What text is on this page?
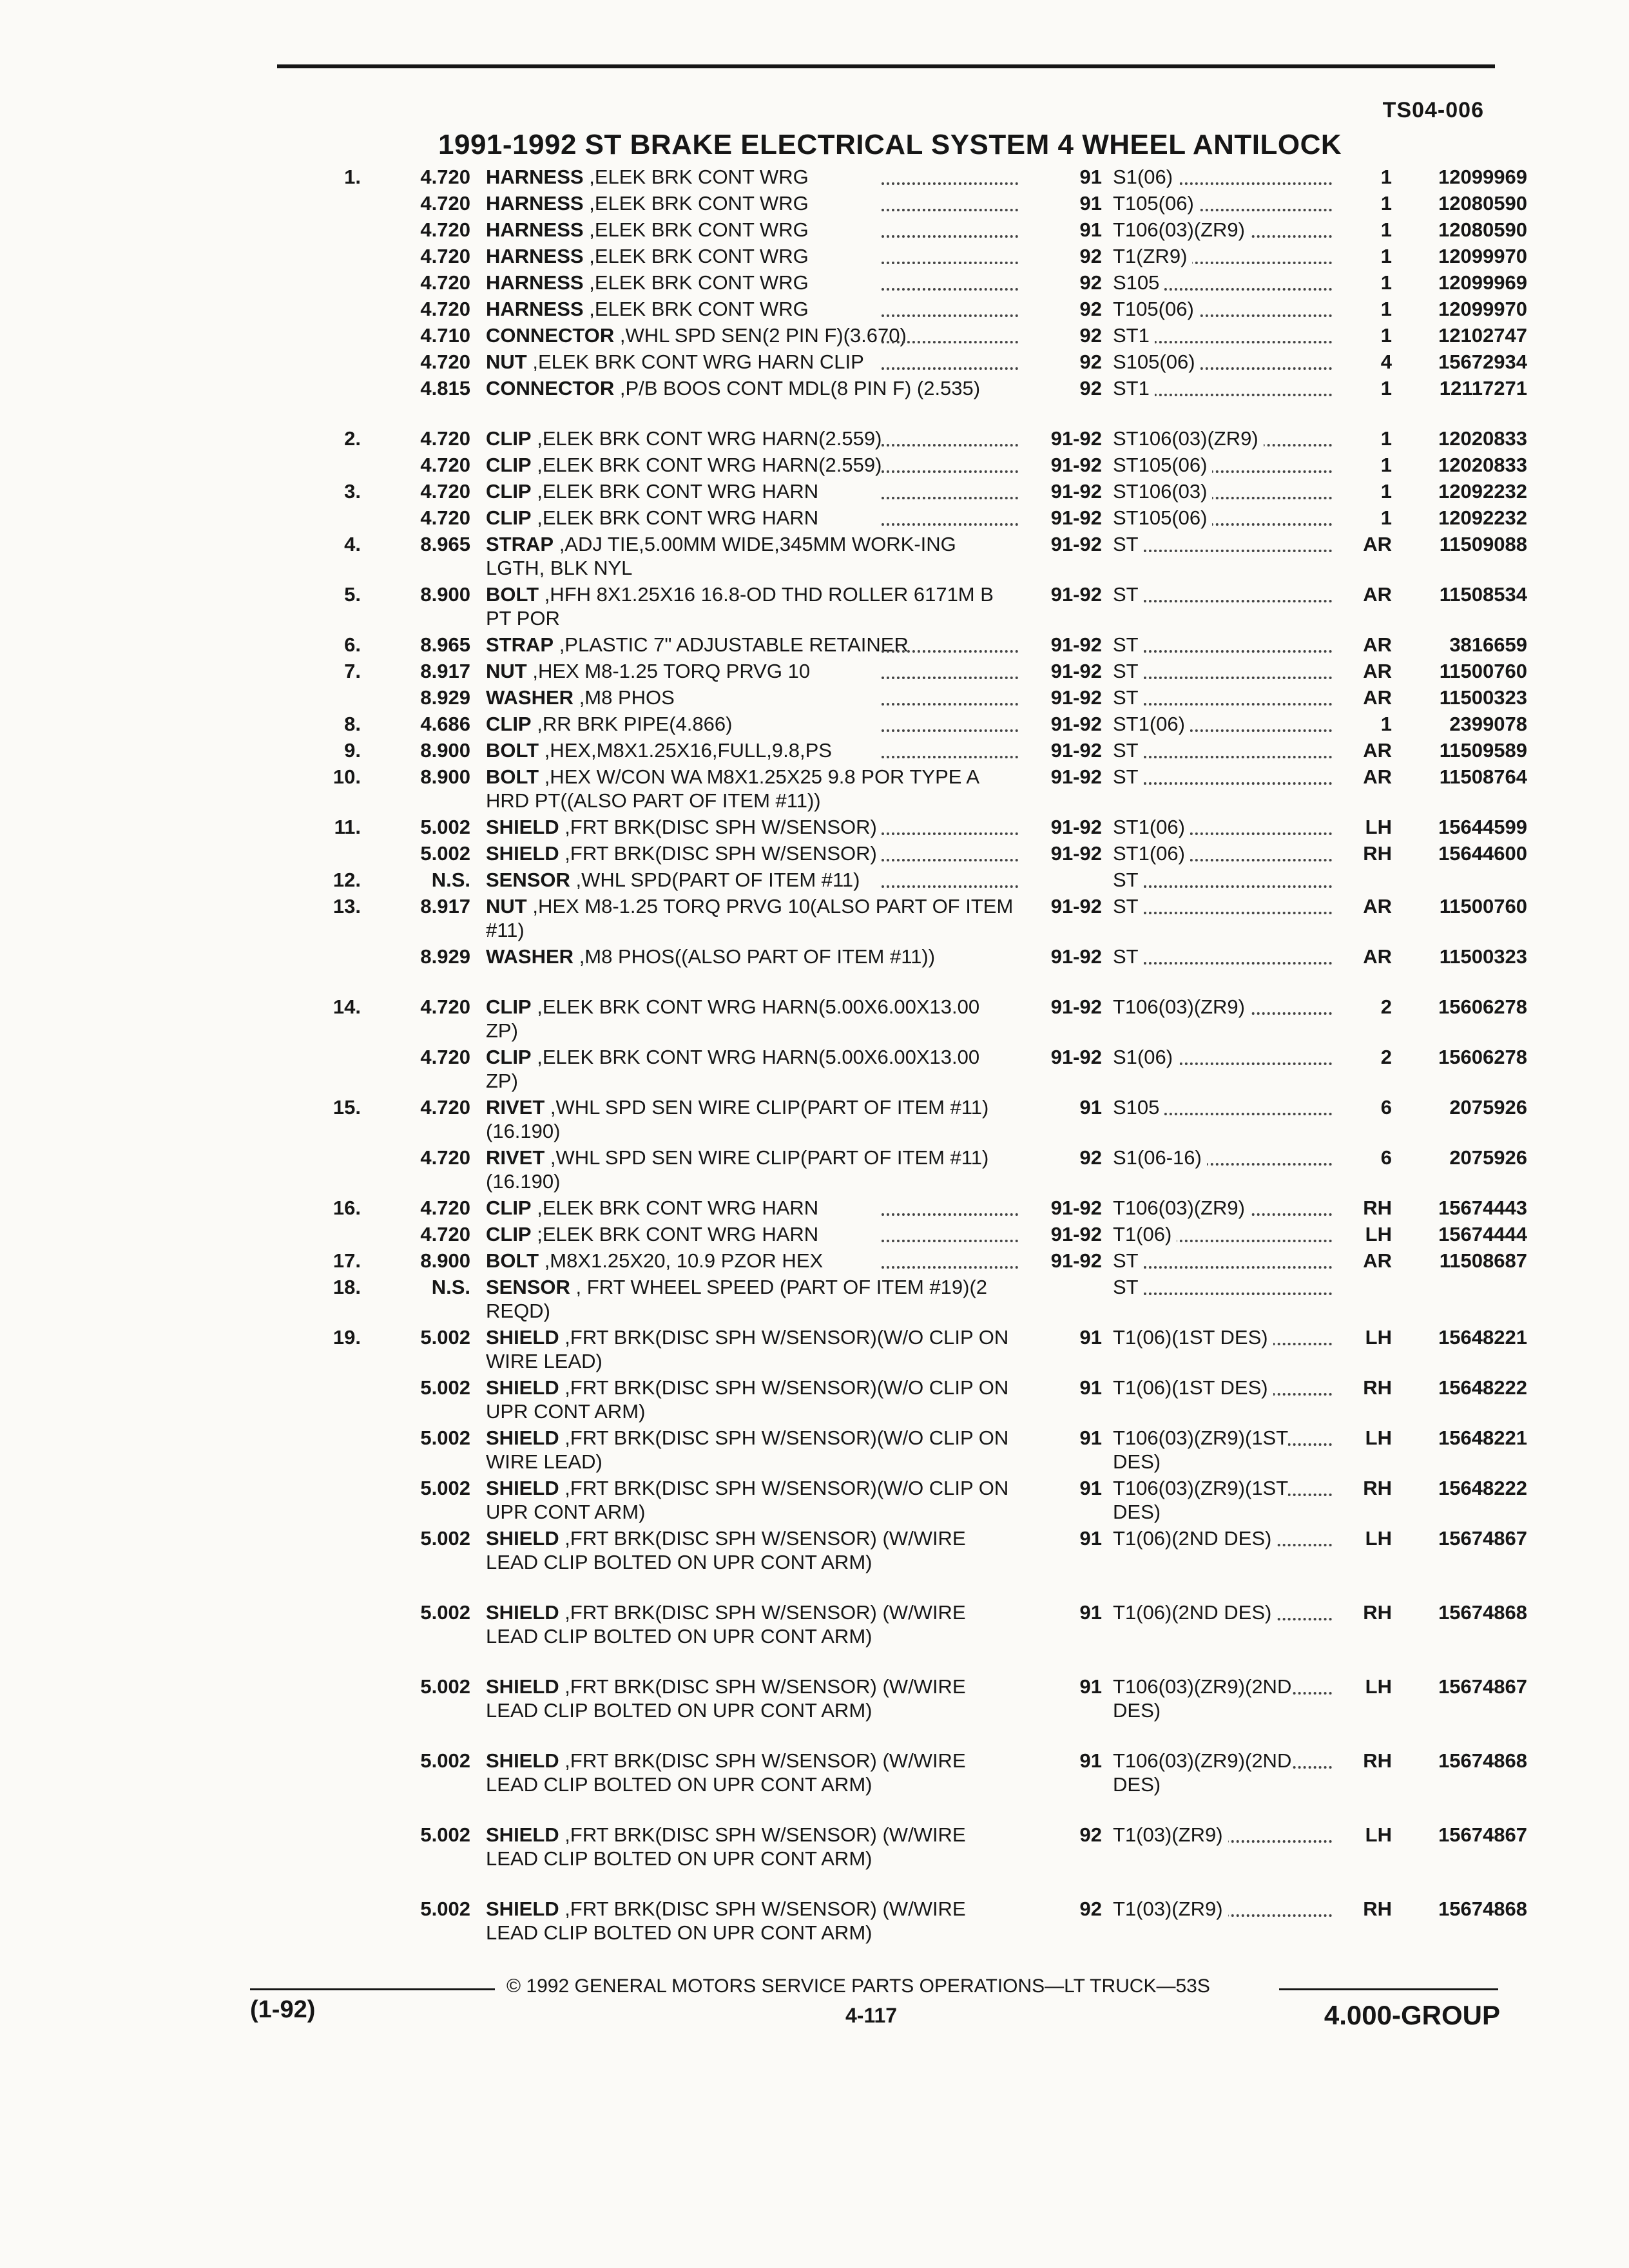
TS04-006
1991-1992 ST BRAKE ELECTRICAL SYSTEM 4 WHEEL ANTILOCK
1.	4.720 HARNESS ,ELEK BRK CONT WRG	91 S1(06)	1	12099969
4.720 HARNESS ,ELEK BRK CONT WRG	91 T105(06)	1	12080590
4.720 HARNESS ,ELEK BRK CONT WRG	91 T106(03)(ZR9)	1	12080590
4.720 HARNESS ,ELEK BRK CONT WRG	92 T1(ZR9)	1	12099970
4.720 HARNESS ,ELEK BRK CONT WRG	92 S105	1	12099969
4.720 HARNESS ,ELEK BRK CONT WRG	92 T105(06)	1	12099970
4.710 CONNECTOR ,WHL SPD SEN(2 PIN F)(3.670)	92 ST1	1	12102747
4.720 NUT ,ELEK BRK CONT WRG HARN CLIP	92 S105(06)	4	15672934
4.815 CONNECTOR ,P/B BOOS CONT MDL(8 PIN F) (2.535)	92 ST1	1	12117271
2.	4.720 CLIP ,ELEK BRK CONT WRG HARN(2.559)	91-92 ST106(03)(ZR9)	1	12020833
4.720 CLIP ,ELEK BRK CONT WRG HARN(2.559)	91-92 ST105(06)	1	12020833
3.	4.720 CLIP ,ELEK BRK CONT WRG HARN	91-92 ST106(03)	1	12092232
4.720 CLIP ,ELEK BRK CONT WRG HARN	91-92 ST105(06)	1	12092232
4.	8.965 STRAP ,ADJ TIE,5.00MM WIDE,345MM WORK-ING LGTH, BLK NYL
91-92 ST	AR	11509088
5.	8.900 BOLT ,HFH 8X1.25X16 16.8-OD THD ROLLER 6171M B PT POR
91-92 ST	AR	11508534
6.	8.965 STRAP ,PLASTIC 7" ADJUSTABLE RETAINER	91-92 ST	AR	3816659
7.	8.917 NUT ,HEX M8-1.25 TORQ PRVG 10	91-92 ST	AR	11500760
8.929 WASHER ,M8 PHOS	91-92 ST	AR	11500323
8.	4.686 CLIP ,RR BRK PIPE(4.866)	91-92 ST1(06)	1	2399078
9.	8.900 BOLT ,HEX,M8X1.25X16,FULL,9.8,PS	91-92 ST	AR	11509589
10.	8.900 BOLT ,HEX W/CON WA M8X1.25X25 9.8 POR TYPE A HRD PT((ALSO PART OF ITEM #11))
91-92 ST	AR	11508764
11.	5.002 SHIELD ,FRT BRK(DISC SPH W/SENSOR)	91-92 ST1(06)	LH	15644599
5.002 SHIELD ,FRT BRK(DISC SPH W/SENSOR)	91-92 ST1(06)	RH	15644600
12.	N.S. SENSOR ,WHL SPD(PART OF ITEM #11)	ST
13.	8.917 NUT ,HEX M8-1.25 TORQ PRVG 10(ALSO PART OF ITEM #11)
91-92 ST	AR	11500760
8.929 WASHER ,M8 PHOS((ALSO PART OF ITEM #11))	91-92 ST	AR	11500323
14.	4.720 CLIP ,ELEK BRK CONT WRG HARN(5.00X6.00X13.00 ZP)
91-92 T106(03)(ZR9)	2	15606278
4.720 CLIP ,ELEK BRK CONT WRG HARN(5.00X6.00X13.00 ZP)
91-92 S1(06)	2	15606278
15.	4.720 RIVET ,WHL SPD SEN WIRE CLIP(PART OF ITEM #11)(16.190)
91 S105	6	2075926
4.720 RIVET ,WHL SPD SEN WIRE CLIP(PART OF ITEM #11)(16.190)
92 S1(06-16)	6	2075926
16.	4.720 CLIP ,ELEK BRK CONT WRG HARN	91-92 T106(03)(ZR9)	RH	15674443
4.720 CLIP ;ELEK BRK CONT WRG HARN	91-92 T1(06)	LH	15674444
17.	8.900 BOLT ,M8X1.25X20, 10.9 PZOR HEX	91-92 ST	AR	11508687
18.	N.S. SENSOR , FRT WHEEL SPEED (PART OF ITEM #19)(2 REQD)
ST
19.	5.002 SHIELD ,FRT BRK(DISC SPH W/SENSOR)(W/O CLIP ON WIRE LEAD)
91 T1(06)(1ST DES)	LH	15648221
5.002 SHIELD ,FRT BRK(DISC SPH W/SENSOR)(W/O CLIP ON UPR CONT ARM)
91 T1(06)(1ST DES)	RH	15648222
5.002 SHIELD ,FRT BRK(DISC SPH W/SENSOR)(W/O CLIP ON WIRE LEAD)
91 T106(03)(ZR9)(1ST DES)
LH	15648221
5.002 SHIELD ,FRT BRK(DISC SPH W/SENSOR)(W/O CLIP ON UPR CONT ARM)
91 T106(03)(ZR9)(1ST DES)
RH	15648222
5.002 SHIELD ,FRT BRK(DISC SPH W/SENSOR) (W/WIRE LEAD CLIP BOLTED ON UPR CONT ARM)
91 T1(06)(2ND DES)	LH	15674867
5.002 SHIELD ,FRT BRK(DISC SPH W/SENSOR) (W/WIRE LEAD CLIP BOLTED ON UPR CONT ARM)
91 T1(06)(2ND DES)	RH	15674868
5.002 SHIELD ,FRT BRK(DISC SPH W/SENSOR) (W/WIRE LEAD CLIP BOLTED ON UPR CONT ARM)
91 T106(03)(ZR9)(2ND DES)
LH	15674867
5.002 SHIELD ,FRT BRK(DISC SPH W/SENSOR) (W/WIRE LEAD CLIP BOLTED ON UPR CONT ARM)
91 T106(03)(ZR9)(2ND DES)
RH	15674868
5.002 SHIELD ,FRT BRK(DISC SPH W/SENSOR) (W/WIRE LEAD CLIP BOLTED ON UPR CONT ARM)
92 T1(03)(ZR9)	LH	15674867
5.002 SHIELD ,FRT BRK(DISC SPH W/SENSOR) (W/WIRE LEAD CLIP BOLTED ON UPR CONT ARM)
92 T1(03)(ZR9)	RH	15674868
(1-92)
© 1992 GENERAL MOTORS SERVICE PARTS OPERATIONS—LT TRUCK—53S
4-117	4.000-GROUP
